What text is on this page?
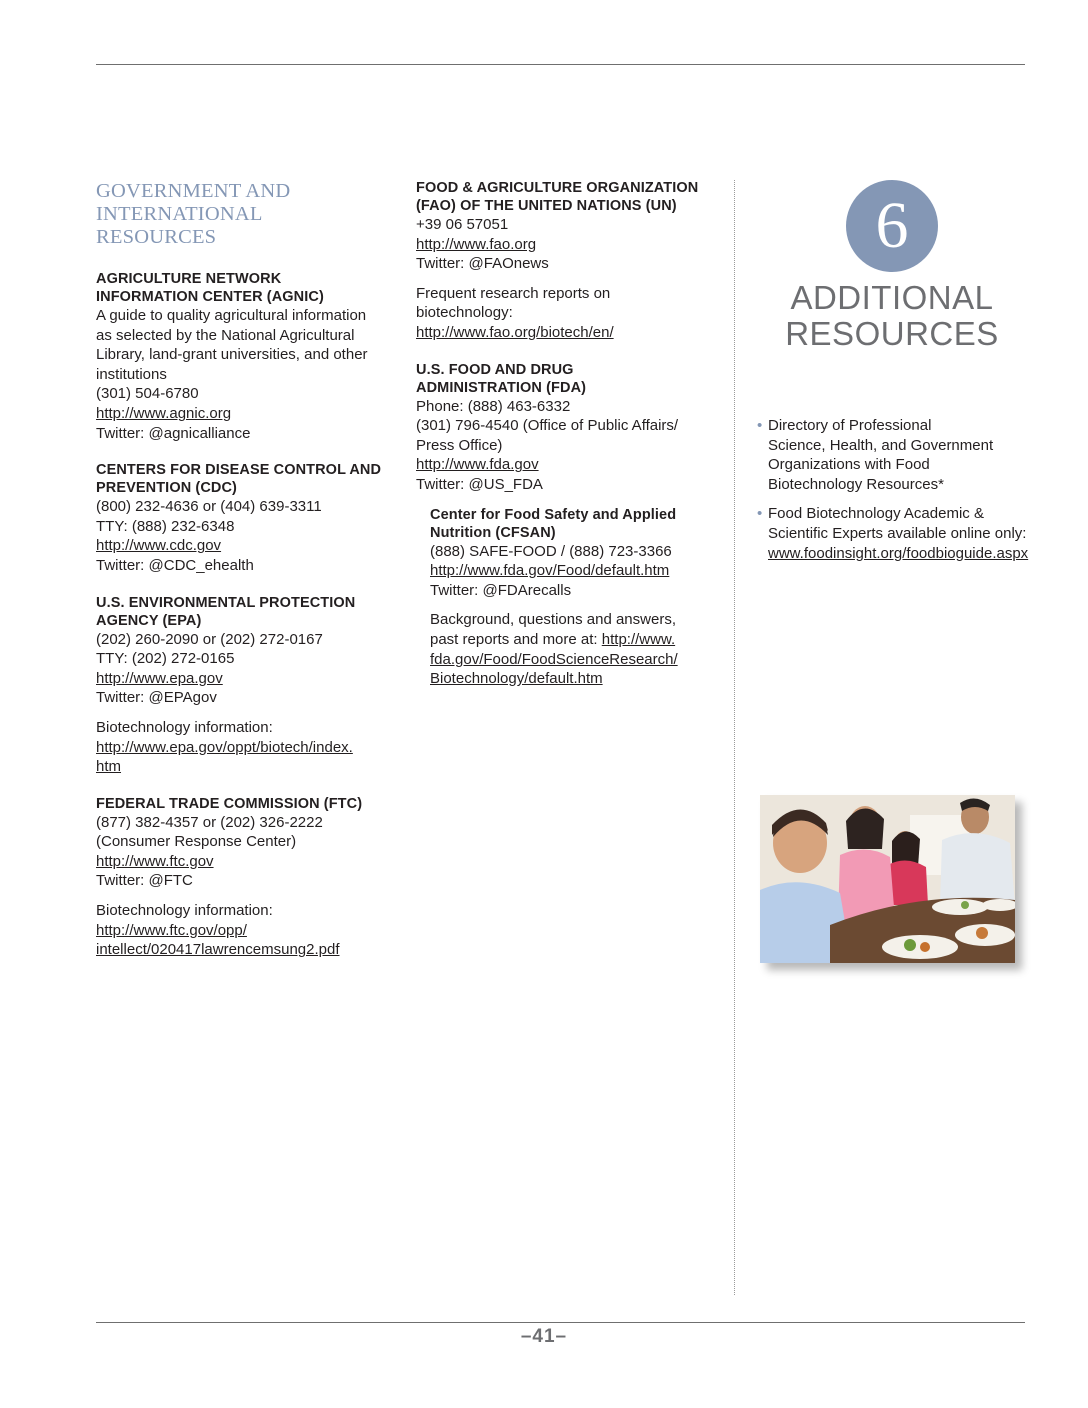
GOVERNMENT AND
INTERNATIONAL
RESOURCES

AGRICULTURE NETWORK
INFORMATION CENTER (AGNIC)

A guide to quality agricultural information
as selected by the National Agricultural
Library, land-grant universities, and other
institutions
(301) 504-6780
http://www.agnic.org
Twitter: @agnicalliance

CENTERS FOR DISEASE CONTROL AND
PREVENTION (CDC)

(800) 232-4636 or (404) 639-3311
TTY: (888) 232-6348
http://www.cdc.gov
Twitter: @CDC_ehealth

U.S. ENVIRONMENTAL PROTECTION
AGENCY (EPA)

(202) 260-2090 or (202) 272-0167
TTY: (202) 272-0165
http://www.epa.gov
Twitter: @EPAgov
Biotechnology information:
http://www.epa.gov/oppt/biotech/index.
htm

FEDERAL TRADE COMMISSION (FTC)

(877) 382-4357 or (202) 326-2222
(Consumer Response Center)
http://www.ftc.gov
Twitter: @FTC
Biotechnology information:
http://www.ftc.gov/opp/
intellect/020417lawrencemsung2.pdf

FOOD & AGRICULTURE ORGANIZATION
(FAO) OF THE UNITED NATIONS (UN)

+39 06 57051
http://www.fao.org
Twitter: @FAOnews
Frequent research reports on
biotechnology:
http://www.fao.org/biotech/en/

U.S. FOOD AND DRUG
ADMINISTRATION (FDA)

Phone: (888) 463-6332
(301) 796-4540 (Office of Public Affairs/
Press Office)
http://www.fda.gov
Twitter: @US_FDA

Center for Food Safety and Applied
Nutrition (CFSAN)

(888) SAFE-FOOD / (888) 723-3366
http://www.fda.gov/Food/default.htm
Twitter: @FDArecalls
Background, questions and answers,
past reports and more at: http://www.
fda.gov/Food/FoodScienceResearch/
Biotechnology/default.htm
6
ADDITIONAL
RESOURCES
• Directory of Professional
Science, Health, and Government
Organizations with Food
Biotechnology Resources*
• Food Biotechnology Academic &
Scientific Experts available online only:
www.foodinsight.org/foodbioguide.aspx
–41–
